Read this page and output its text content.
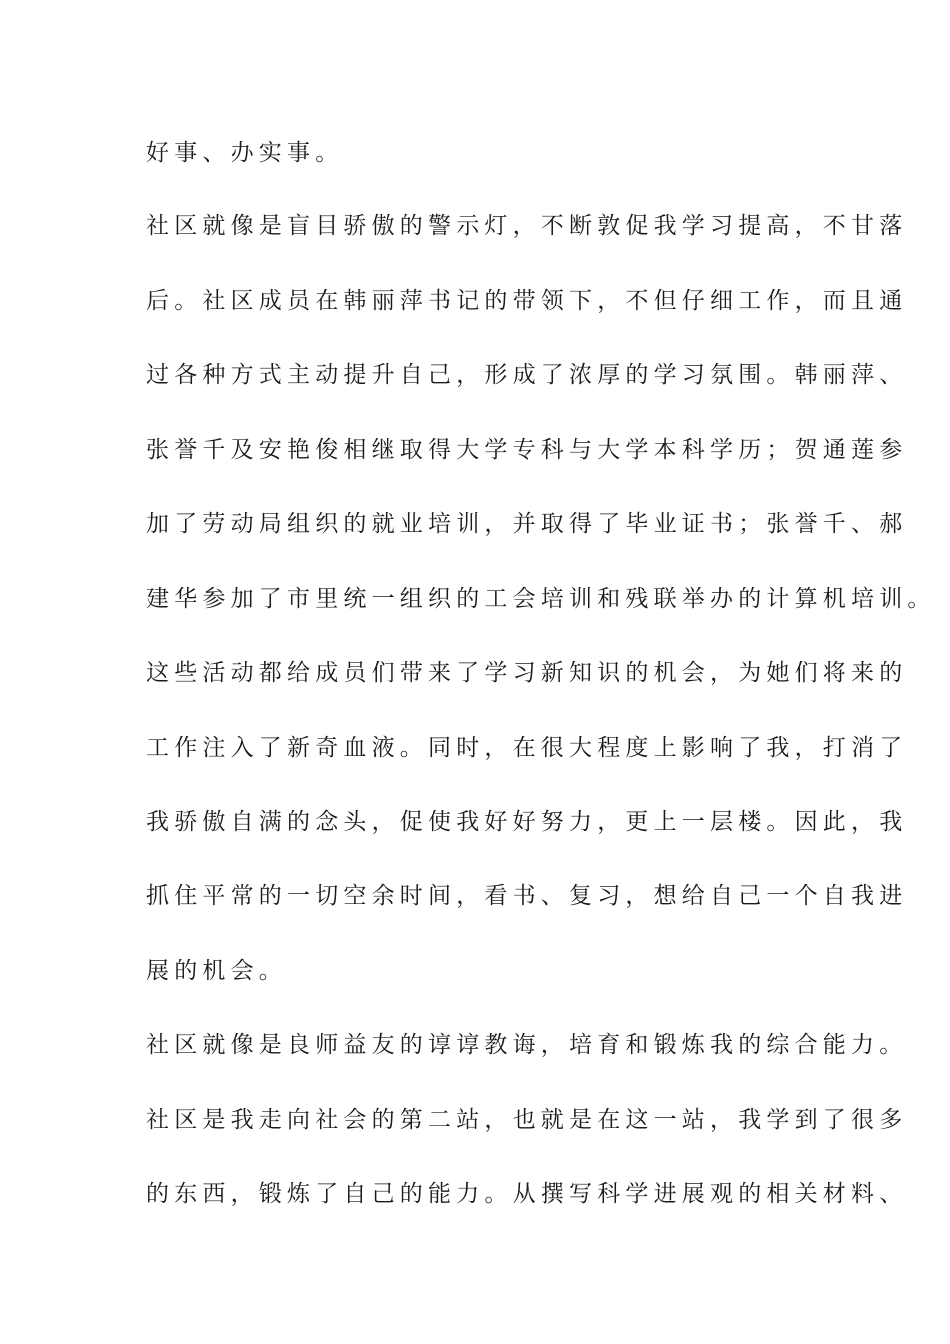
好事、办实事。
社区就像是盲目骄傲的警示灯，不断敦促我学习提高，不甘落
后。社区成员在韩丽萍书记的带领下，不但仔细工作，而且通
过各种方式主动提升自己，形成了浓厚的学习氛围。韩丽萍、
张誉千及安艳俊相继取得大学专科与大学本科学历；贺通莲参
加了劳动局组织的就业培训，并取得了毕业证书；张誉千、郝
建华参加了市里统一组织的工会培训和残联举办的计算机培训。
这些活动都给成员们带来了学习新知识的机会，为她们将来的
工作注入了新奇血液。同时，在很大程度上影响了我，打消了
我骄傲自满的念头，促使我好好努力，更上一层楼。因此，我
抓住平常的一切空余时间，看书、复习，想给自己一个自我进
展的机会。
社区就像是良师益友的谆谆教诲，培育和锻炼我的综合能力。
社区是我走向社会的第二站，也就是在这一站，我学到了很多
的东西，锻炼了自己的能力。从撰写科学进展观的相关材料、
